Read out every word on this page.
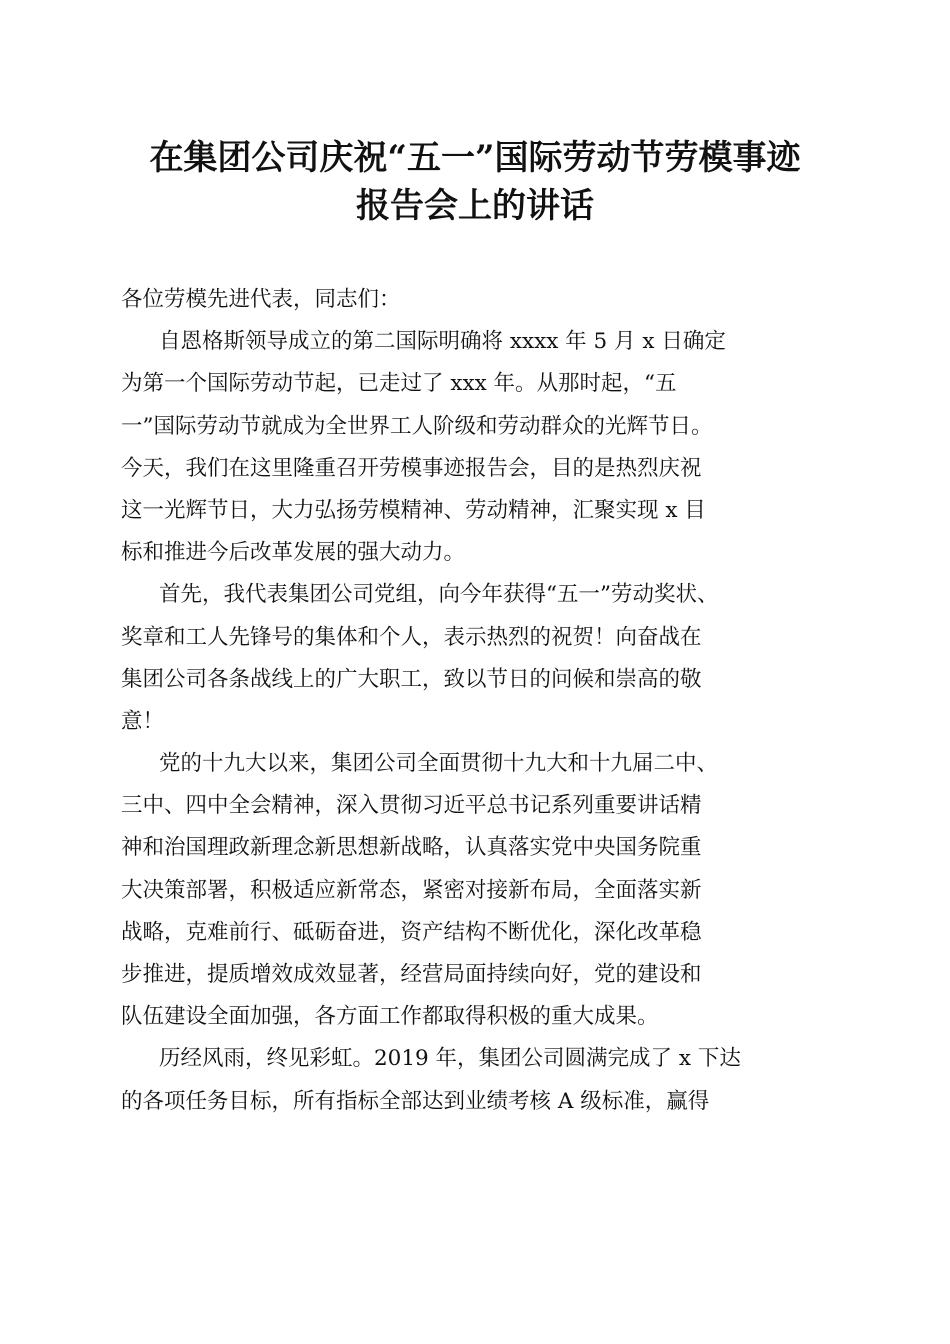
在集团公司庆祝“五一”国际劳动节劳模事迹
报告会上的讲话
各位劳模先进代表，同志们：
自恩格斯领导成立的第二国际明确将 xxxx 年 5 月 x 日确定
为第一个国际劳动节起，已走过了 xxx 年。从那时起，“五
一”国际劳动节就成为全世界工人阶级和劳动群众的光辉节日。
今天，我们在这里隆重召开劳模事迹报告会，目的是热烈庆祝
这一光辉节日，大力弘扬劳模精神、劳动精神，汇聚实现 x 目
标和推进今后改革发展的强大动力。
首先，我代表集团公司党组，向今年获得“五一”劳动奖状、
奖章和工人先锋号的集体和个人，表示热烈的祝贺！向奋战在
集团公司各条战线上的广大职工，致以节日的问候和崇高的敬
意！
党的十九大以来，集团公司全面贯彻十九大和十九届二中、
三中、四中全会精神，深入贯彻习近平总书记系列重要讲话精
神和治国理政新理念新思想新战略，认真落实党中央国务院重
大决策部署，积极适应新常态，紧密对接新布局，全面落实新
战略，克难前行、砥砺奋进，资产结构不断优化，深化改革稳
步推进，提质增效成效显著，经营局面持续向好，党的建设和
队伍建设全面加强，各方面工作都取得积极的重大成果。
历经风雨，终见彩虹。2019 年，集团公司圆满完成了 x 下达
的各项任务目标，所有指标全部达到业绩考核 A 级标准，赢得
